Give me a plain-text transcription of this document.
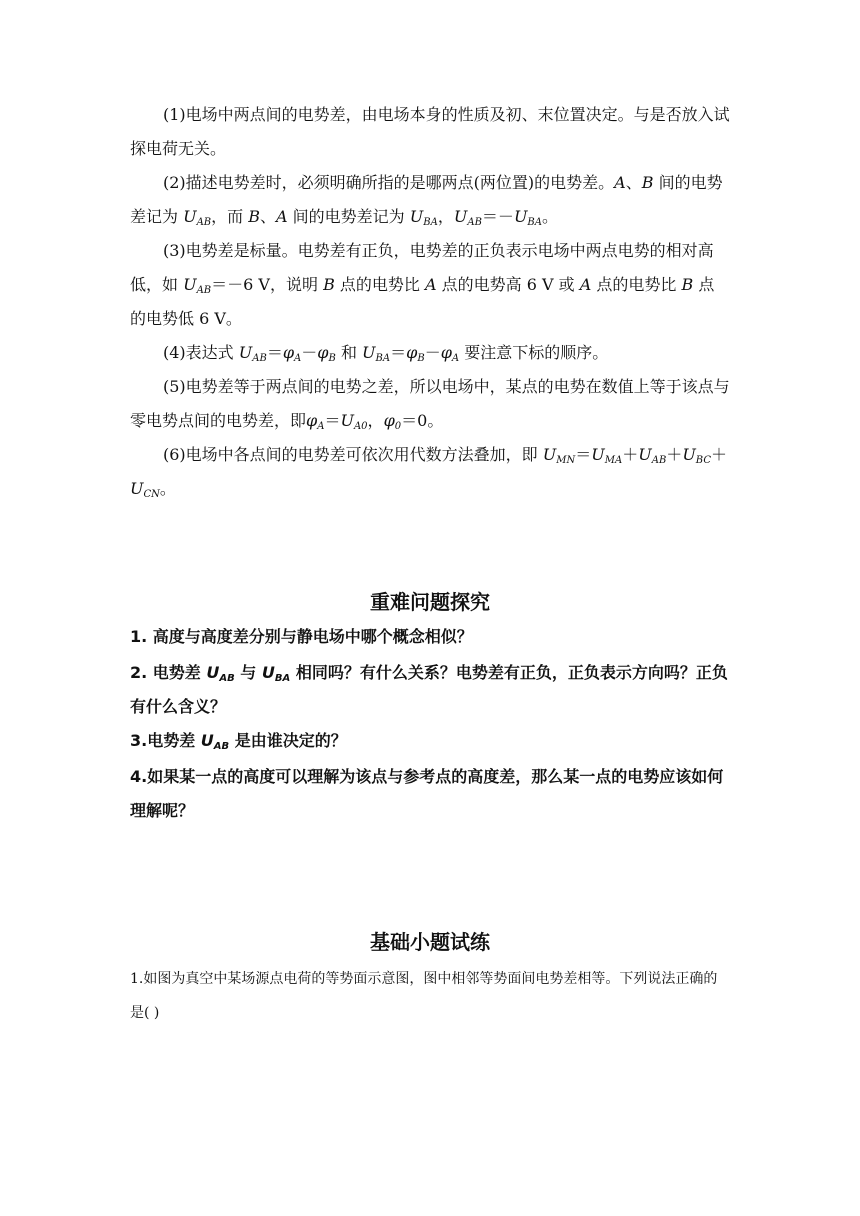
(1)电场中两点间的电势差，由电场本身的性质及初、末位置决定。与是否放入试探电荷无关。

(2)描述电势差时，必须明确所指的是哪两点(两位置)的电势差。A、B 间的电势差记为 $U_{AB}$，而 B、A 间的电势差记为 $U_{BA}$，$U_{AB}=-U_{BA}$。

(3)电势差是标量。电势差有正负，电势差的正负表示电场中两点电势的相对高低，如 $U_{AB}=-6$ V，说明 B 点的电势比 A 点的电势高 6 V 或 A 点的电势比 B 点的电势低 6 V。

(4)表达式 $U_{AB}=\varphi_A-\varphi_B$ 和 $U_{BA}=\varphi_B-\varphi_A$ 要注意下标的顺序。

(5)电势差等于两点间的电势之差，所以电场中，某点的电势在数值上等于该点与零电势点间的电势差，即$\varphi_A=U_{A0}$，$\varphi_0=0$。

(6)电场中各点间的电势差可依次用代数方法叠加，即 $U_{MN}=U_{MA}+U_{AB}+U_{BC}+U_{CN}$。

重难问题探究

1. 高度与高度差分别与静电场中哪个概念相似？

2. 电势差 $U_{AB}$ 与 $U_{BA}$ 相同吗？有什么关系？电势差有正负，正负表示方向吗？正负有什么含义？

3.电势差 $U_{AB}$ 是由谁决定的？

4.如果某一点的高度可以理解为该点与参考点的高度差，那么某一点的电势应该如何理解呢？

基础小题试练

1.如图为真空中某场源点电荷的等势面示意图，图中相邻等势面间电势差相等。下列说法正确的是( )
